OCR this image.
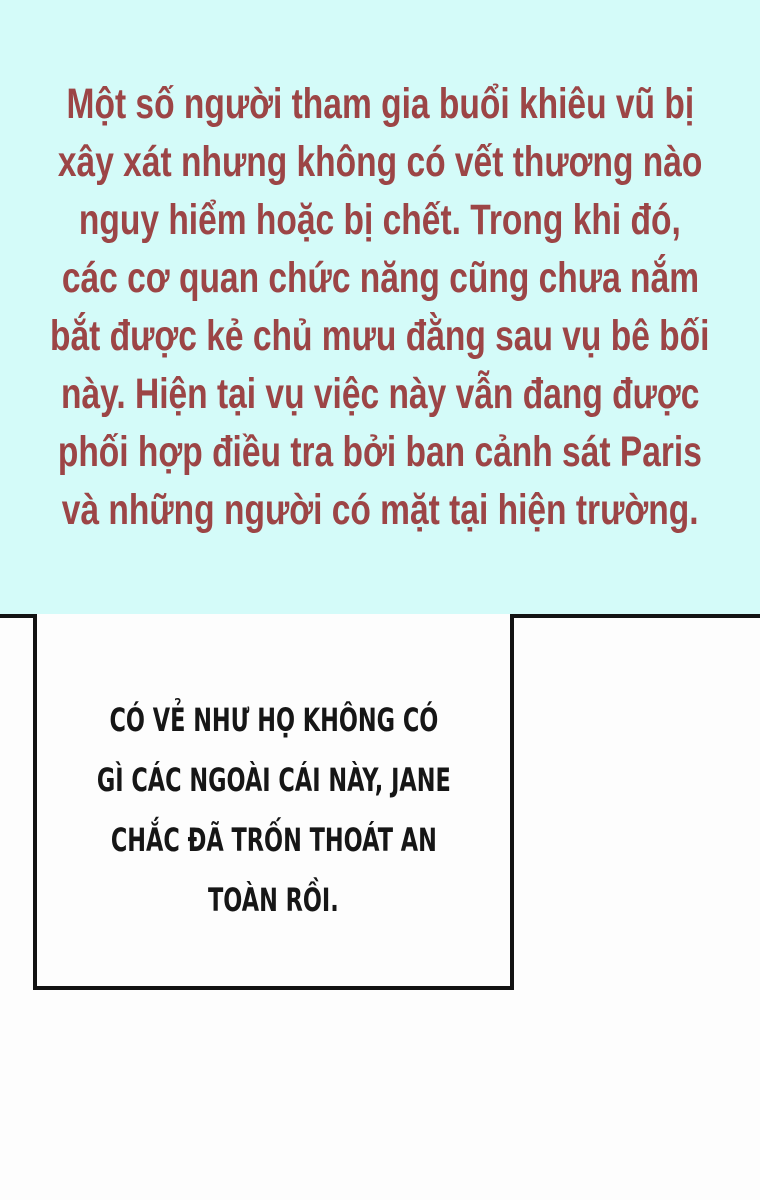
CÓ VẺ NHƯ HỌ KHÔNG CÓ
GÌ CÁC NGOÀI CÁI NÀY, JANE
CHẮC ĐÃ TRỐN THOÁT AN
TOÀN RỒI.
Một số người tham gia buổi khiêu vũ bị
xây xát nhưng không có vết thương nào
nguy hiểm hoặc bị chết. Trong khi đó,
các cơ quan chức năng cũng chưa nắm
bắt được kẻ chủ mưu đằng sau vụ bê bối
này. Hiện tại vụ việc này vẫn đang được
phối hợp điều tra bởi ban cảnh sát Paris
và những người có mặt tại hiện trường.
